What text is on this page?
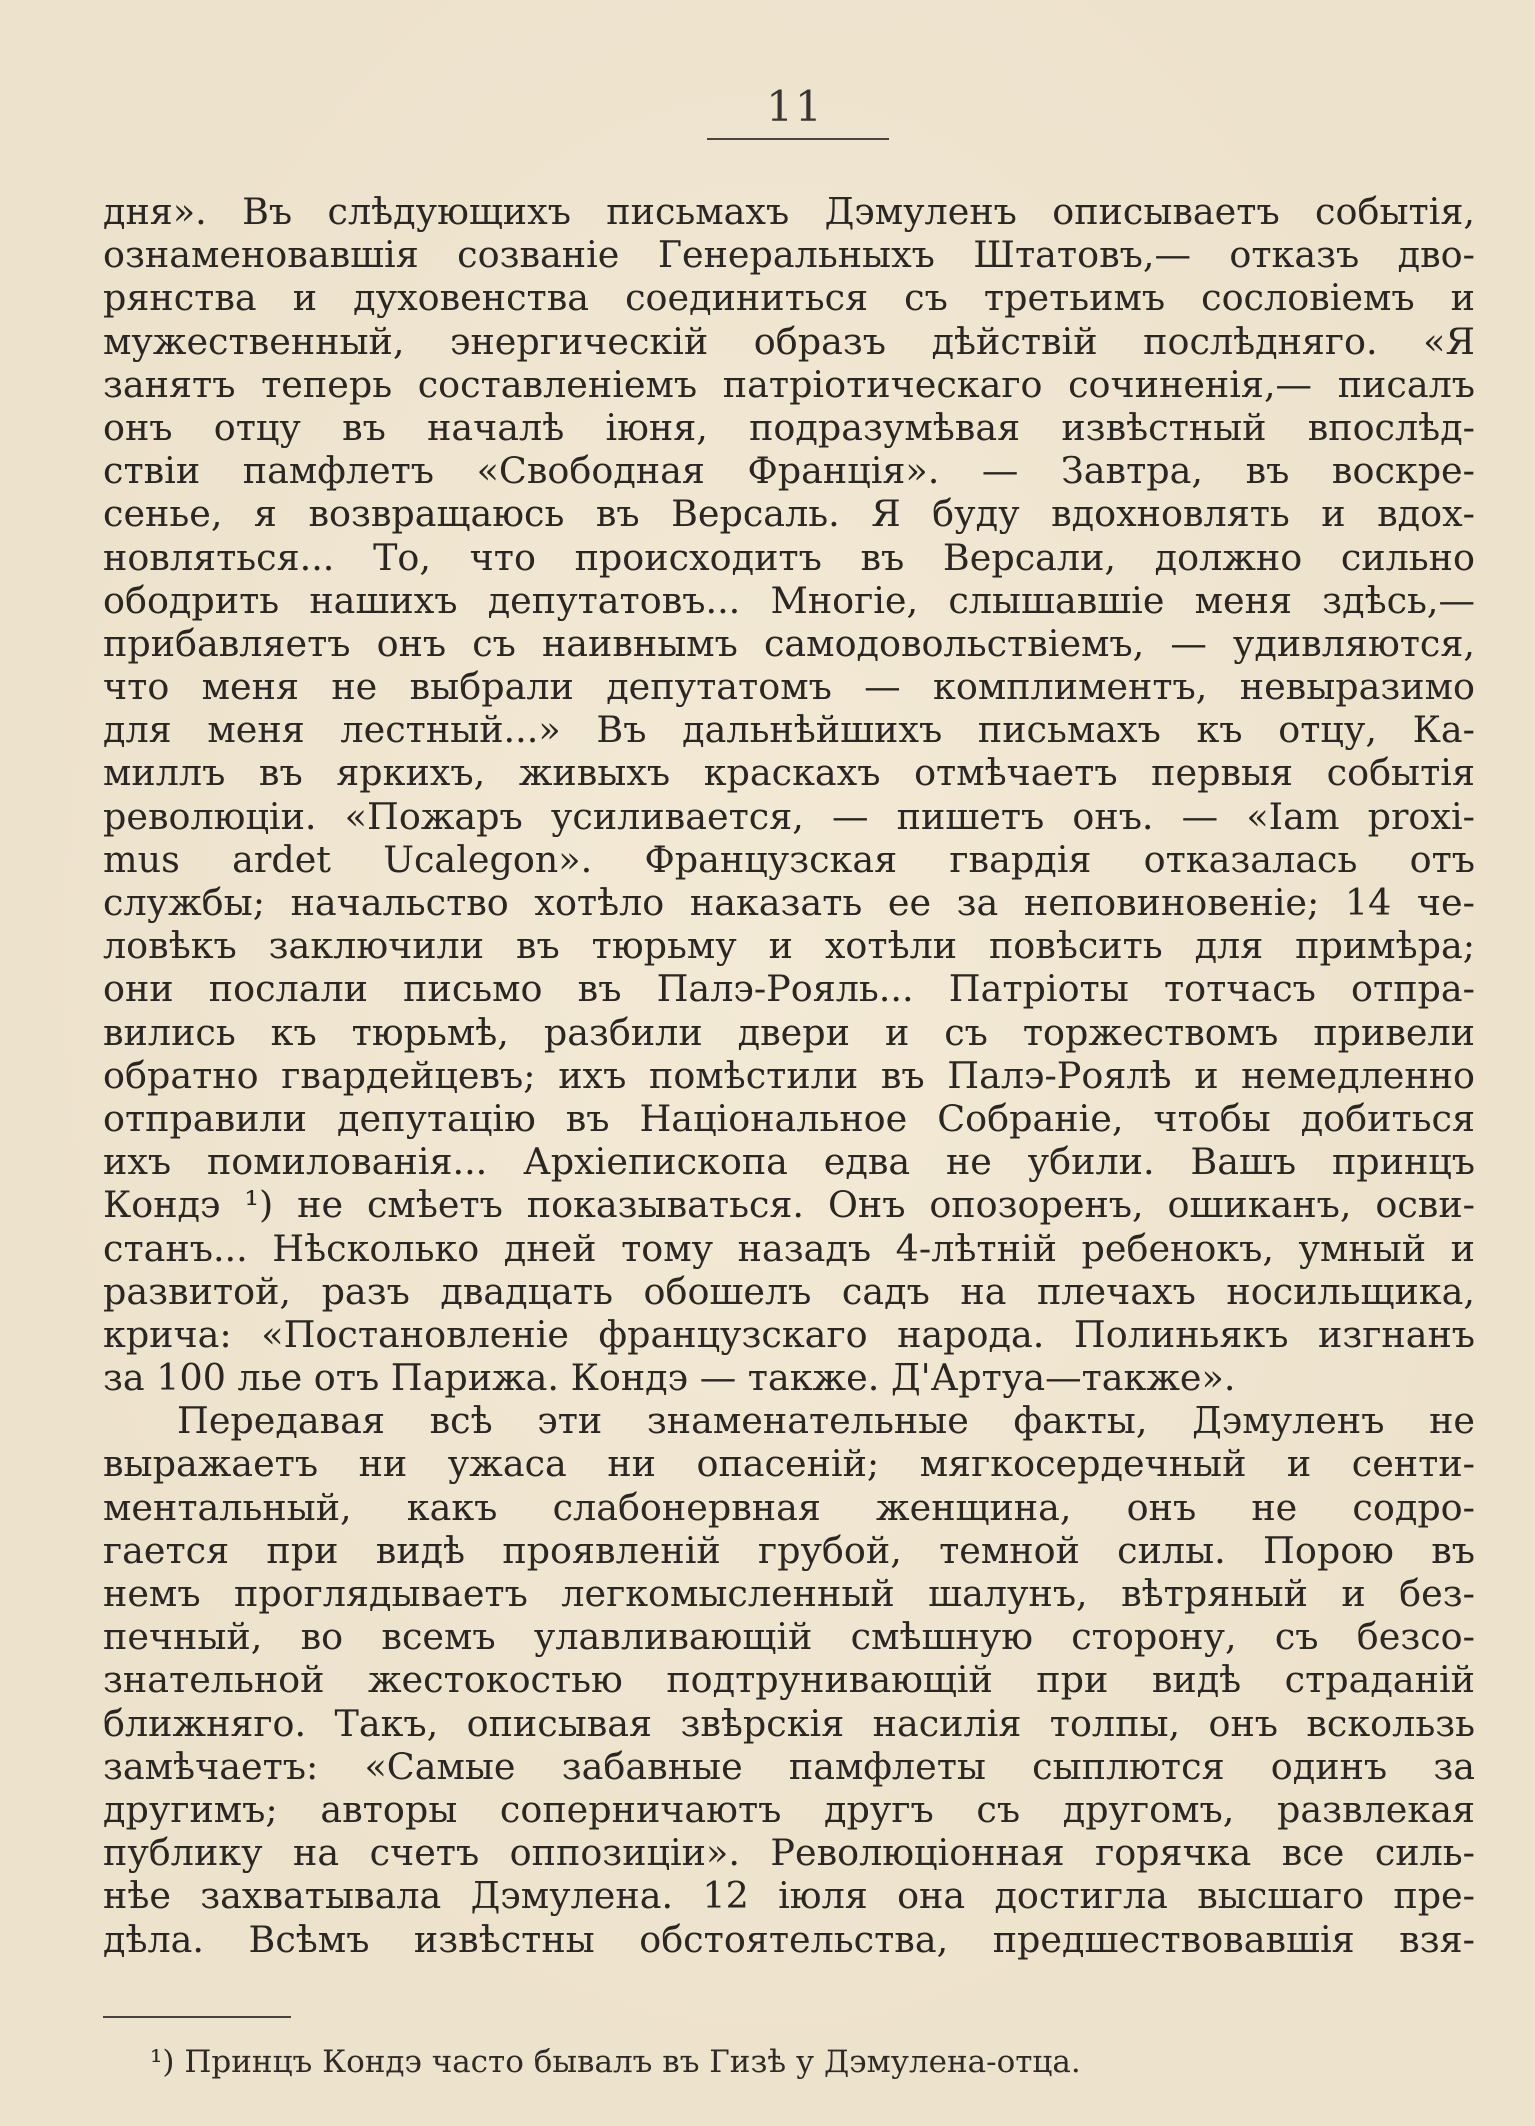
11
дня». Въ слѣдующихъ письмахъ Дэмуленъ описываетъ событія,
ознаменовавшія созваніе Генеральныхъ Штатовъ,— отказъ дво-
рянства и духовенства соединиться съ третьимъ сословіемъ и
мужественный, энергическій образъ дѣйствій послѣдняго. «Я
занятъ теперь составленіемъ патріотическаго сочиненія,— писалъ
онъ отцу въ началѣ іюня, подразумѣвая извѣстный впослѣд-
ствіи памфлетъ «Свободная Франція». — Завтра, въ воскре-
сенье, я возвращаюсь въ Версаль. Я буду вдохновлять и вдох-
новляться... То, что происходитъ въ Версали, должно сильно
ободрить нашихъ депутатовъ... Многіе, слышавшіе меня здѣсь,—
прибавляетъ онъ съ наивнымъ самодовольствіемъ, — удивляются,
что меня не выбрали депутатомъ — комплиментъ, невыразимо
для меня лестный...» Въ дальнѣйшихъ письмахъ къ отцу, Ка-
миллъ въ яркихъ, живыхъ краскахъ отмѣчаетъ первыя событія
революціи. «Пожаръ усиливается, — пишетъ онъ. — «Iam proxi-
mus ardet Ucalegon». Французская гвардія отказалась отъ
службы; начальство хотѣло наказать ее за неповиновеніе; 14 че-
ловѣкъ заключили въ тюрьму и хотѣли повѣсить для примѣра;
они послали письмо въ Палэ-Рояль... Патріоты тотчасъ отпра-
вились къ тюрьмѣ, разбили двери и съ торжествомъ привели
обратно гвардейцевъ; ихъ помѣстили въ Палэ-Роялѣ и немедленно
отправили депутацію въ Національное Собраніе, чтобы добиться
ихъ помилованія... Архіепископа едва не убили. Вашъ принцъ
Кондэ ¹) не смѣетъ показываться. Онъ опозоренъ, ошиканъ, осви-
станъ... Нѣсколько дней тому назадъ 4-лѣтній ребенокъ, умный и
развитой, разъ двадцать обошелъ садъ на плечахъ носильщика,
крича: «Постановленіе французскаго народа. Полиньякъ изгнанъ
за 100 лье отъ Парижа. Кондэ — также. Д'Артуа—также».
Передавая всѣ эти знаменательные факты, Дэмуленъ не
выражаетъ ни ужаса ни опасеній; мягкосердечный и сенти-
ментальный, какъ слабонервная женщина, онъ не содро-
гается при видѣ проявленій грубой, темной силы. Порою въ
немъ проглядываетъ легкомысленный шалунъ, вѣтряный и без-
печный, во всемъ улавливающій смѣшную сторону, съ безсо-
знательной жестокостью подтрунивающій при видѣ страданій
ближняго. Такъ, описывая звѣрскія насилія толпы, онъ вскользь
замѣчаетъ: «Самые забавные памфлеты сыплются одинъ за
другимъ; авторы соперничаютъ другъ съ другомъ, развлекая
публику на счетъ оппозиціи». Революціонная горячка все силь-
нѣе захватывала Дэмулена. 12 іюля она достигла высшаго пре-
дѣла. Всѣмъ извѣстны обстоятельства, предшествовавшія взя-
¹) Принцъ Кондэ часто бывалъ въ Гизѣ у Дэмулена-отца.
